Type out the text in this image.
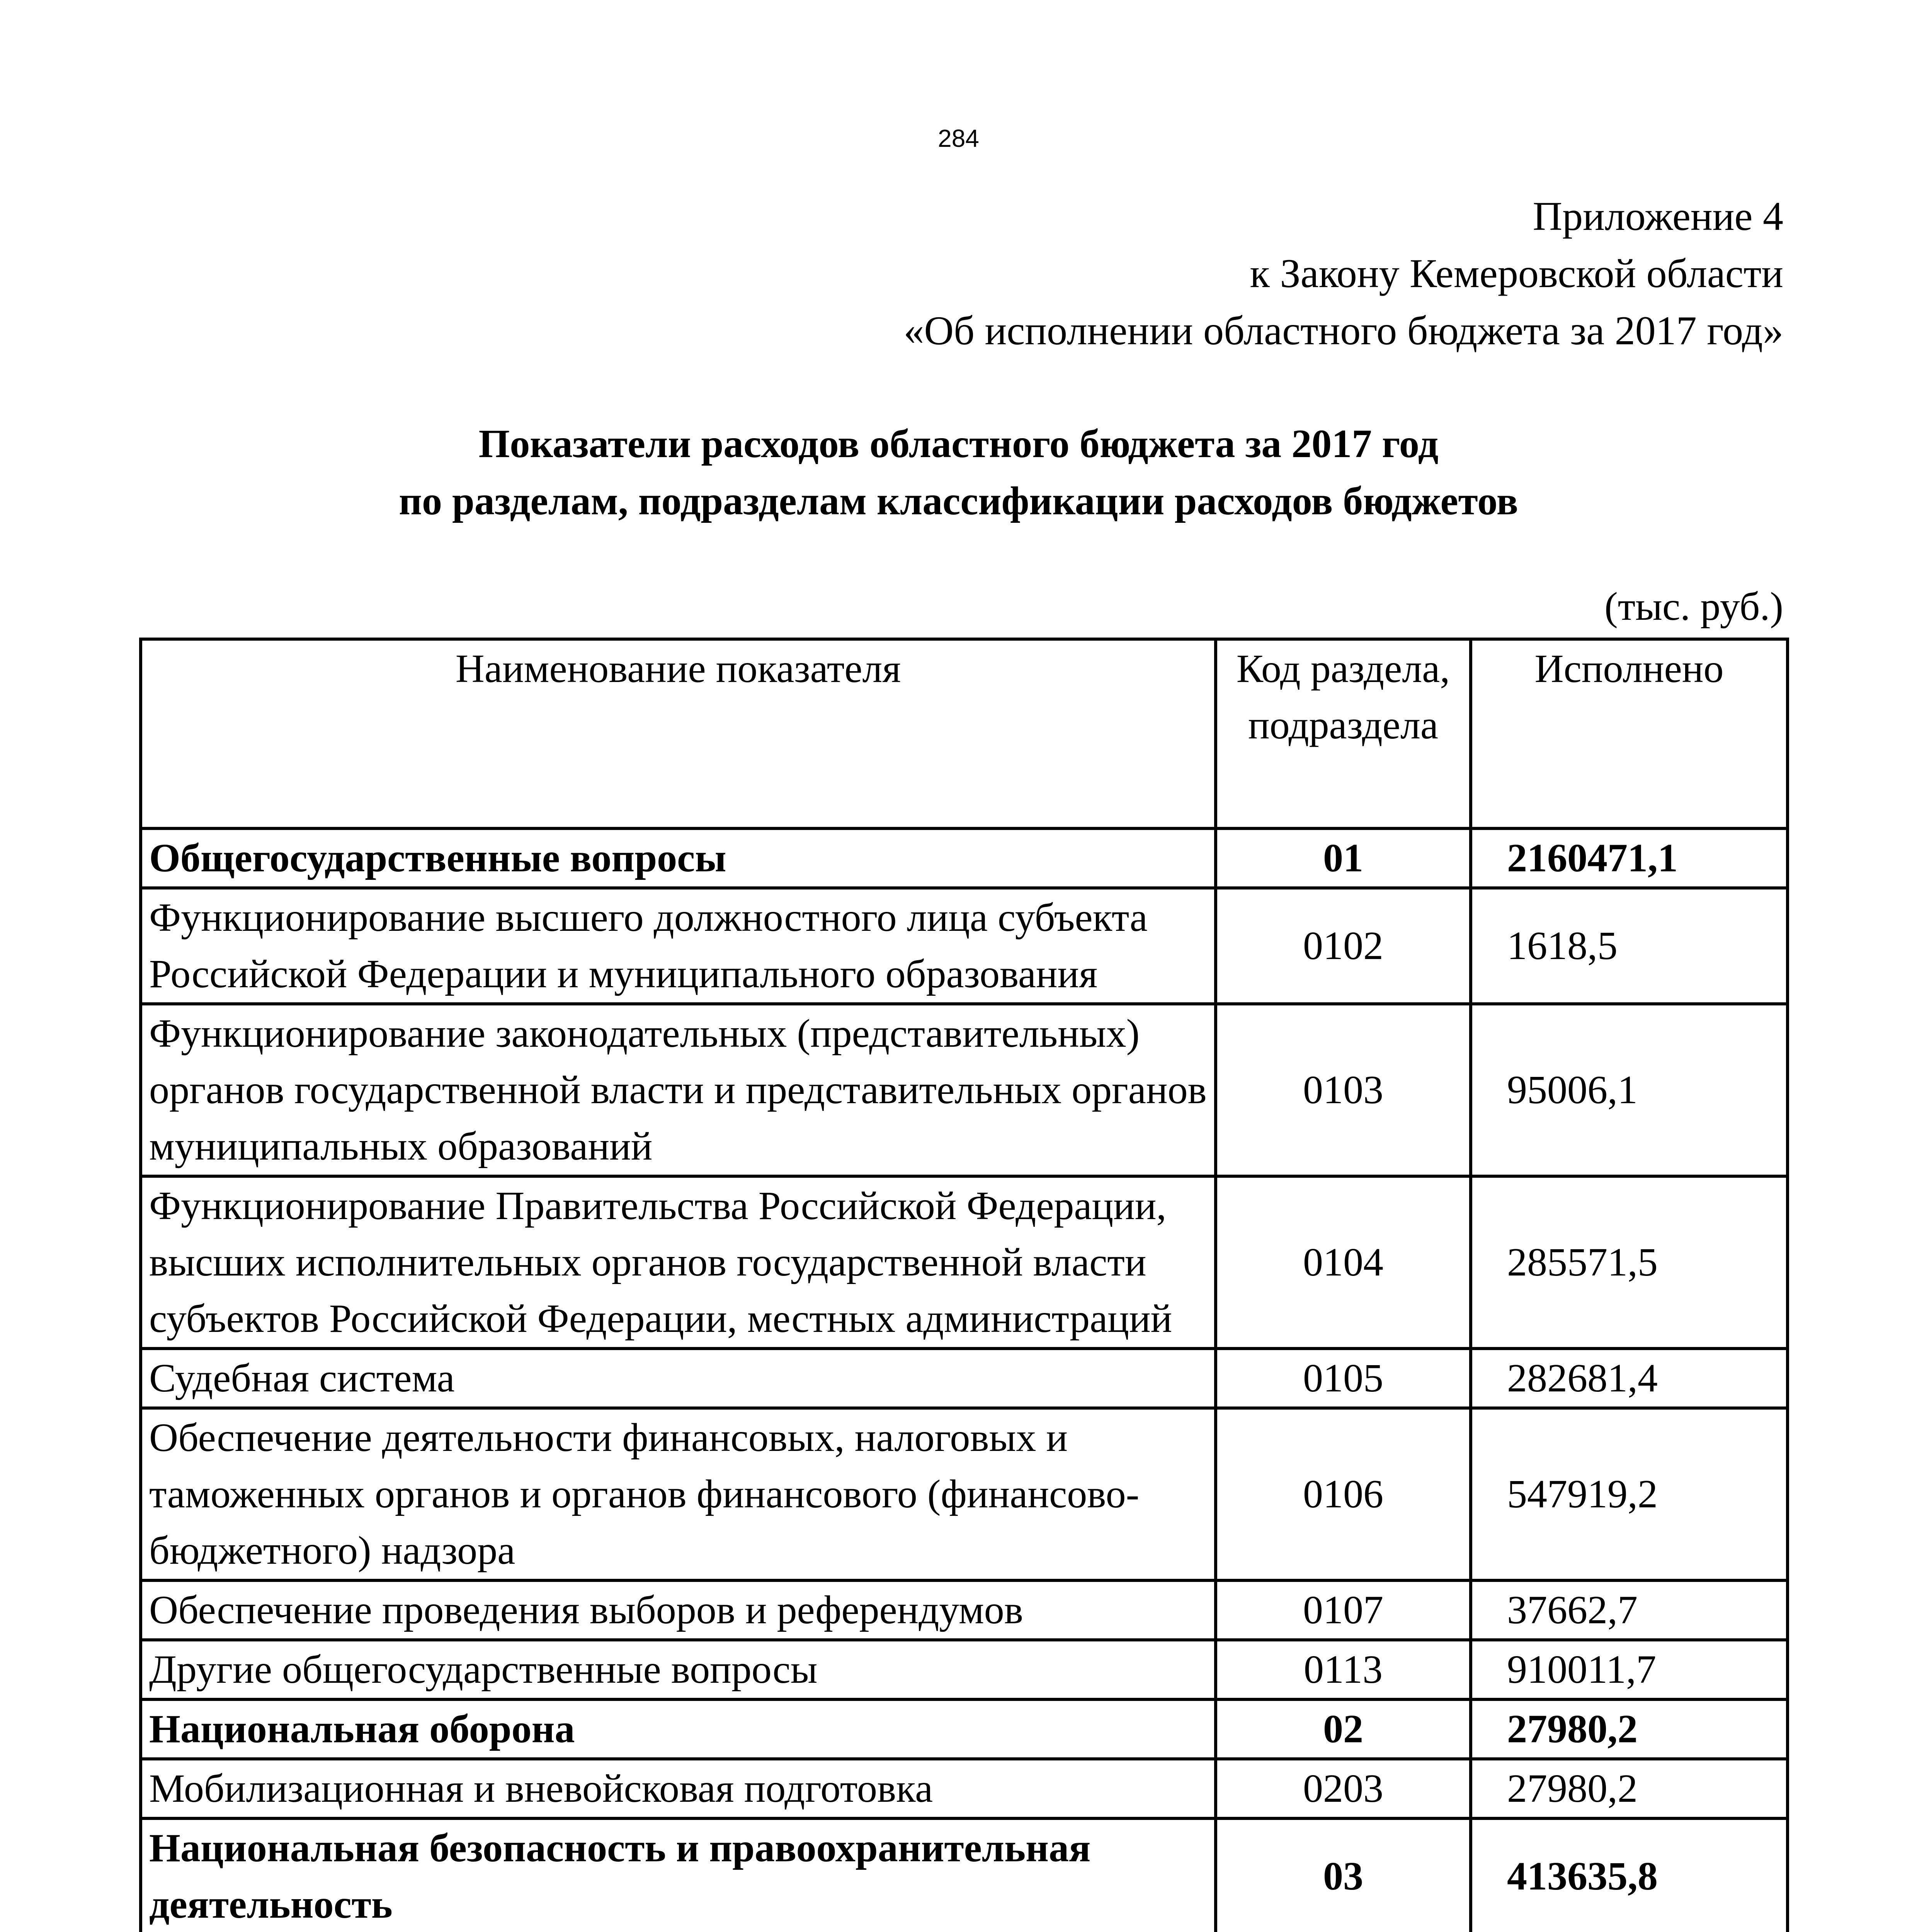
284
Приложение 4
к Закону Кемеровской области
«Об исполнении областного бюджета за 2017 год»
Показатели расходов областного бюджета за 2017 год
по разделам, подразделам классификации расходов бюджетов
(тыс. руб.)
Наименование показателя	Код раздела, подраздела	Исполнено
Общегосударственные вопросы	01	2160471,1
Функционирование высшего должностного лица субъекта Российской Федерации и муниципального образования	0102	1618,5
Функционирование законодательных (представительных) органов государственной власти и представительных органов муниципальных образований	0103	95006,1
Функционирование Правительства Российской Федерации, высших исполнительных органов государственной власти субъектов Российской Федерации, местных администраций	0104	285571,5
Судебная система	0105	282681,4
Обеспечение деятельности финансовых, налоговых и таможенных органов и органов финансового (финансово-бюджетного) надзора	0106	547919,2
Обеспечение проведения выборов и референдумов	0107	37662,7
Другие общегосударственные вопросы	0113	910011,7
Национальная оборона	02	27980,2
Мобилизационная и вневойсковая подготовка	0203	27980,2
Национальная безопасность и правоохранительная деятельность	03	413635,8
